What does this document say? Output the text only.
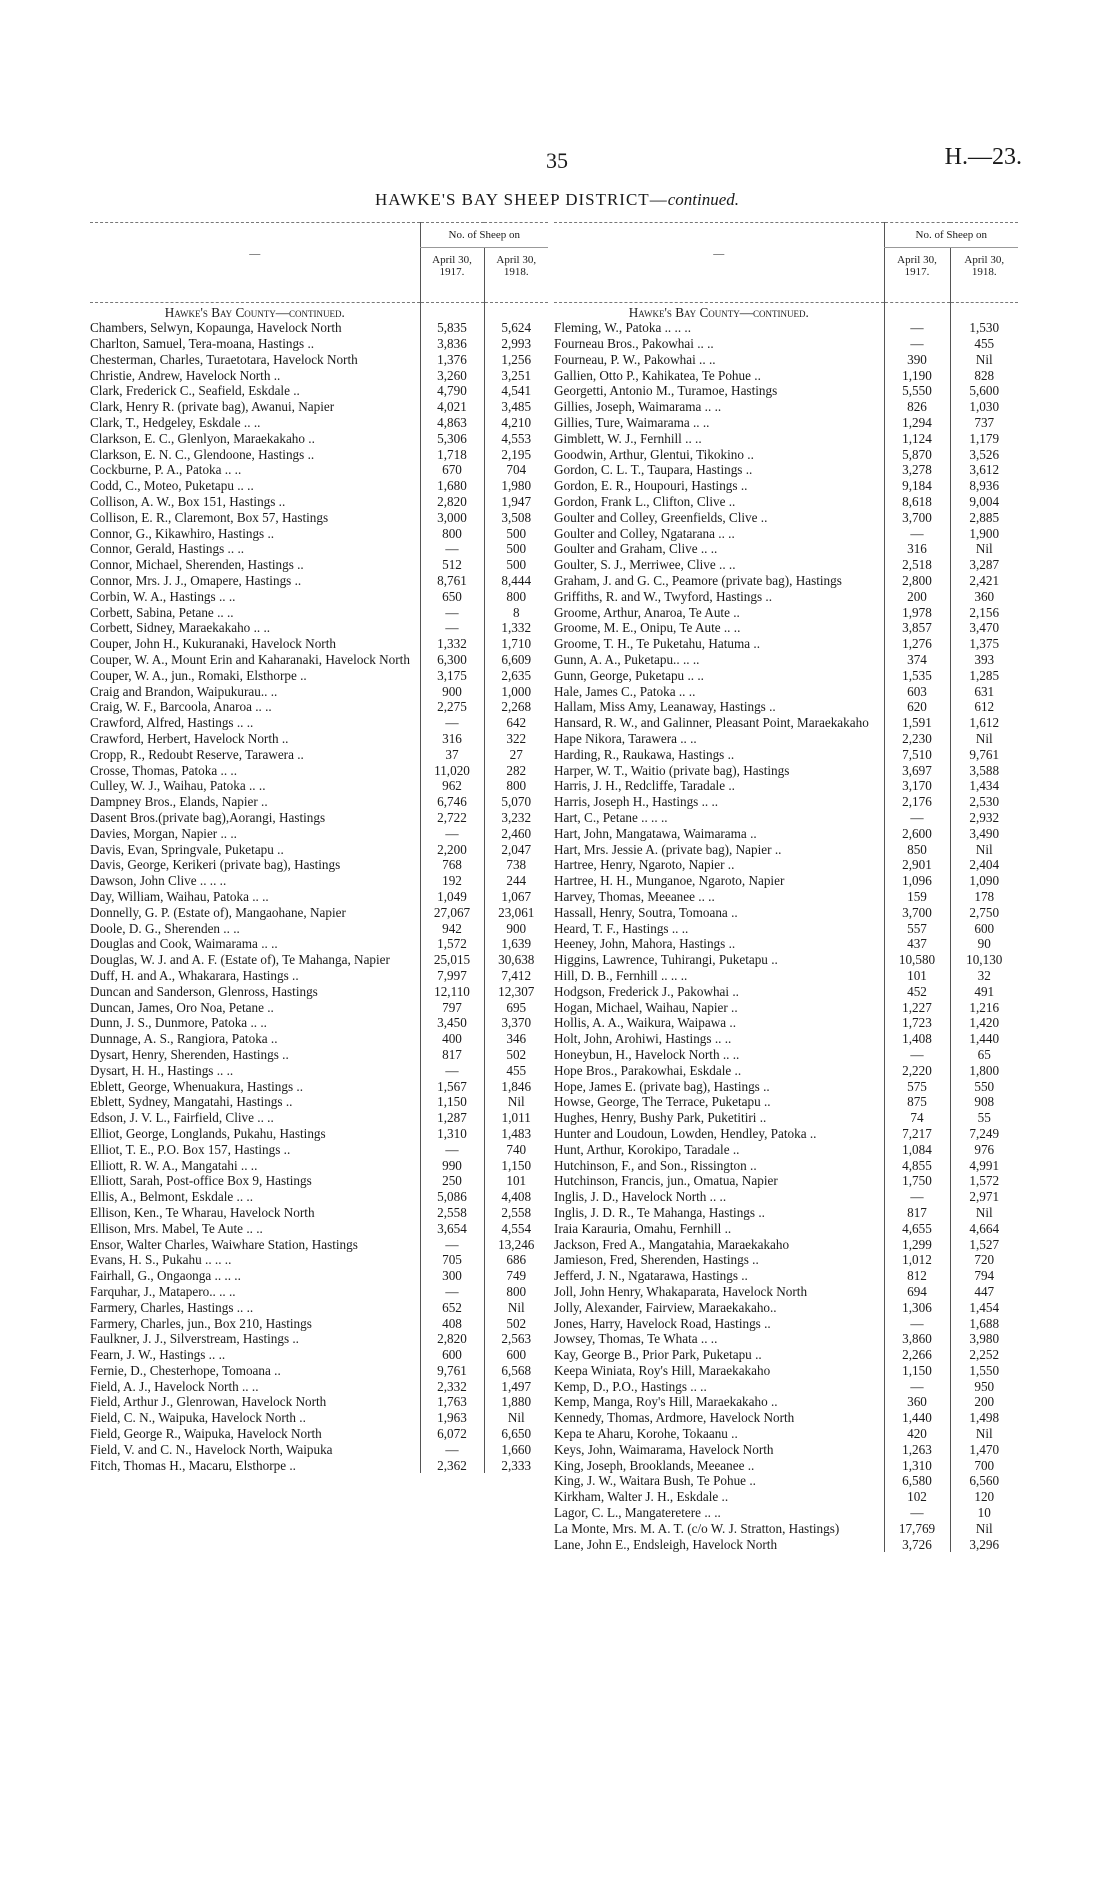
35	H.—23.
HAWKE'S BAY SHEEP DISTRICT—continued.
—	No. of Sheep on	
	April 30,
1917.	April 30,
1918.

Hawke's Bay County—continued.		
Chambers, Selwyn, Kopaunga, Havelock North	5,835	5,624
Charlton, Samuel, Tera-moana, Hastings ..	3,836	2,993
Chesterman, Charles, Turaetotara, Havelock North	1,376	1,256
Christie, Andrew, Havelock North ..	3,260	3,251
Clark, Frederick C., Seafield, Eskdale ..	4,790	4,541
Clark, Henry R. (private bag), Awanui, Napier	4,021	3,485
Clark, T., Hedgeley, Eskdale .. ..	4,863	4,210
Clarkson, E. C., Glenlyon, Maraekakaho ..	5,306	4,553
Clarkson, E. N. C., Glendoone, Hastings ..	1,718	2,195
Cockburne, P. A., Patoka .. ..	670	704
Codd, C., Moteo, Puketapu .. ..	1,680	1,980
Collison, A. W., Box 151, Hastings ..	2,820	1,947
Collison, E. R., Claremont, Box 57, Hastings	3,000	3,508
Connor, G., Kikawhiro, Hastings ..	800	500
Connor, Gerald, Hastings .. ..	—	500
Connor, Michael, Sherenden, Hastings ..	512	500
Connor, Mrs. J. J., Omapere, Hastings ..	8,761	8,444
Corbin, W. A., Hastings .. ..	650	800
Corbett, Sabina, Petane .. ..	—	8
Corbett, Sidney, Maraekakaho .. ..	—	1,332
Couper, John H., Kukuranaki, Havelock North	1,332	1,710
Couper, W. A., Mount Erin and Kaharanaki, Havelock North	6,300	6,609
Couper, W. A., jun., Romaki, Elsthorpe ..	3,175	2,635
Craig and Brandon, Waipukurau.. ..	900	1,000
Craig, W. F., Barcoola, Anaroa .. ..	2,275	2,268
Crawford, Alfred, Hastings .. ..	—	642
Crawford, Herbert, Havelock North ..	316	322
Cropp, R., Redoubt Reserve, Tarawera ..	37	27
Crosse, Thomas, Patoka .. ..	11,020	282
Culley, W. J., Waihau, Patoka .. ..	962	800
Dampney Bros., Elands, Napier ..	6,746	5,070
Dasent Bros.(private bag),Aorangi, Hastings	2,722	3,232
Davies, Morgan, Napier .. ..	—	2,460
Davis, Evan, Springvale, Puketapu ..	2,200	2,047
Davis, George, Kerikeri (private bag), Hastings	768	738
Dawson, John Clive .. .. ..	192	244
Day, William, Waihau, Patoka .. ..	1,049	1,067
Donnelly, G. P. (Estate of), Mangaohane, Napier	27,067	23,061
Doole, D. G., Sherenden .. ..	942	900
Douglas and Cook, Waimarama .. ..	1,572	1,639
Douglas, W. J. and A. F. (Estate of), Te Mahanga, Napier	25,015	30,638
Duff, H. and A., Whakarara, Hastings ..	7,997	7,412
Duncan and Sanderson, Glenross, Hastings	12,110	12,307
Duncan, James, Oro Noa, Petane ..	797	695
Dunn, J. S., Dunmore, Patoka .. ..	3,450	3,370
Dunnage, A. S., Rangiora, Patoka ..	400	346
Dysart, Henry, Sherenden, Hastings ..	817	502
Dysart, H. H., Hastings .. ..	—	455
Eblett, George, Whenuakura, Hastings ..	1,567	1,846
Eblett, Sydney, Mangatahi, Hastings ..	1,150	Nil
Edson, J. V. L., Fairfield, Clive .. ..	1,287	1,011
Elliot, George, Longlands, Pukahu, Hastings	1,310	1,483
Elliot, T. E., P.O. Box 157, Hastings ..	—	740
Elliott, R. W. A., Mangatahi .. ..	990	1,150
Elliott, Sarah, Post-office Box 9, Hastings	250	101
Ellis, A., Belmont, Eskdale .. ..	5,086	4,408
Ellison, Ken., Te Wharau, Havelock North	2,558	2,558
Ellison, Mrs. Mabel, Te Aute .. ..	3,654	4,554
Ensor, Walter Charles, Waiwhare Station, Hastings	—	13,246
Evans, H. S., Pukahu .. .. ..	705	686
Fairhall, G., Ongaonga .. .. ..	300	749
Farquhar, J., Matapero.. .. ..	—	800
Farmery, Charles, Hastings .. ..	652	Nil
Farmery, Charles, jun., Box 210, Hastings	408	502
Faulkner, J. J., Silverstream, Hastings ..	2,820	2,563
Fearn, J. W., Hastings .. ..	600	600
Fernie, D., Chesterhope, Tomoana ..	9,761	6,568
Field, A. J., Havelock North .. ..	2,332	1,497
Field, Arthur J., Glenrowan, Havelock North	1,763	1,880
Field, C. N., Waipuka, Havelock North ..	1,963	Nil
Field, George R., Waipuka, Havelock North	6,072	6,650
Field, V. and C. N., Havelock North, Waipuka	—	1,660
Fitch, Thomas H., Macaru, Elsthorpe ..	2,362	2,333
—	No. of Sheep on	
	April 30,
1917.	April 30,
1918.

Hawke's Bay County—continued.		
Fleming, W., Patoka .. .. ..	—	1,530
Fourneau Bros., Pakowhai .. ..	—	455
Fourneau, P. W., Pakowhai .. ..	390	Nil
Gallien, Otto P., Kahikatea, Te Pohue ..	1,190	828
Georgetti, Antonio M., Turamoe, Hastings	5,550	5,600
Gillies, Joseph, Waimarama .. ..	826	1,030
Gillies, Ture, Waimarama .. ..	1,294	737
Gimblett, W. J., Fernhill .. ..	1,124	1,179
Goodwin, Arthur, Glentui, Tikokino ..	5,870	3,526
Gordon, C. L. T., Taupara, Hastings ..	3,278	3,612
Gordon, E. R., Houpouri, Hastings ..	9,184	8,936
Gordon, Frank L., Clifton, Clive ..	8,618	9,004
Goulter and Colley, Greenfields, Clive ..	3,700	2,885
Goulter and Colley, Ngatarana .. ..	—	1,900
Goulter and Graham, Clive .. ..	316	Nil
Goulter, S. J., Merriwee, Clive .. ..	2,518	3,287
Graham, J. and G. C., Peamore (private bag), Hastings	2,800	2,421
Griffiths, R. and W., Twyford, Hastings ..	200	360
Groome, Arthur, Anaroa, Te Aute ..	1,978	2,156
Groome, M. E., Onipu, Te Aute .. ..	3,857	3,470
Groome, T. H., Te Puketahu, Hatuma ..	1,276	1,375
Gunn, A. A., Puketapu.. .. ..	374	393
Gunn, George, Puketapu .. ..	1,535	1,285
Hale, James C., Patoka .. ..	603	631
Hallam, Miss Amy, Leanaway, Hastings ..	620	612
Hansard, R. W., and Galinner, Pleasant Point, Maraekakaho	1,591	1,612
Hape Nikora, Tarawera .. ..	2,230	Nil
Harding, R., Raukawa, Hastings ..	7,510	9,761
Harper, W. T., Waitio (private bag), Hastings	3,697	3,588
Harris, J. H., Redcliffe, Taradale ..	3,170	1,434
Harris, Joseph H., Hastings .. ..	2,176	2,530
Hart, C., Petane .. .. ..	—	2,932
Hart, John, Mangatawa, Waimarama ..	2,600	3,490
Hart, Mrs. Jessie A. (private bag), Napier ..	850	Nil
Hartree, Henry, Ngaroto, Napier ..	2,901	2,404
Hartree, H. H., Munganoe, Ngaroto, Napier	1,096	1,090
Harvey, Thomas, Meeanee .. ..	159	178
Hassall, Henry, Soutra, Tomoana ..	3,700	2,750
Heard, T. F., Hastings .. ..	557	600
Heeney, John, Mahora, Hastings ..	437	90
Higgins, Lawrence, Tuhirangi, Puketapu ..	10,580	10,130
Hill, D. B., Fernhill .. .. ..	101	32
Hodgson, Frederick J., Pakowhai ..	452	491
Hogan, Michael, Waihau, Napier ..	1,227	1,216
Hollis, A. A., Waikura, Waipawa ..	1,723	1,420
Holt, John, Arohiwi, Hastings .. ..	1,408	1,440
Honeybun, H., Havelock North .. ..	—	65
Hope Bros., Parakowhai, Eskdale ..	2,220	1,800
Hope, James E. (private bag), Hastings ..	575	550
Howse, George, The Terrace, Puketapu ..	875	908
Hughes, Henry, Bushy Park, Puketitiri ..	74	55
Hunter and Loudoun, Lowden, Hendley, Patoka ..	7,217	7,249
Hunt, Arthur, Korokipo, Taradale ..	1,084	976
Hutchinson, F., and Son., Rissington ..	4,855	4,991
Hutchinson, Francis, jun., Omatua, Napier	1,750	1,572
Inglis, J. D., Havelock North .. ..	—	2,971
Inglis, J. D. R., Te Mahanga, Hastings ..	817	Nil
Iraia Karauria, Omahu, Fernhill ..	4,655	4,664
Jackson, Fred A., Mangatahia, Maraekakaho	1,299	1,527
Jamieson, Fred, Sherenden, Hastings ..	1,012	720
Jefferd, J. N., Ngatarawa, Hastings ..	812	794
Joll, John Henry, Whakaparata, Havelock North	694	447
Jolly, Alexander, Fairview, Maraekakaho..	1,306	1,454
Jones, Harry, Havelock Road, Hastings ..	—	1,688
Jowsey, Thomas, Te Whata .. ..	3,860	3,980
Kay, George B., Prior Park, Puketapu ..	2,266	2,252
Keepa Winiata, Roy's Hill, Maraekakaho	1,150	1,550
Kemp, D., P.O., Hastings .. ..	—	950
Kemp, Manga, Roy's Hill, Maraekakaho ..	360	200
Kennedy, Thomas, Ardmore, Havelock North	1,440	1,498
Kepa te Aharu, Korohe, Tokaanu ..	420	Nil
Keys, John, Waimarama, Havelock North	1,263	1,470
King, Joseph, Brooklands, Meeanee ..	1,310	700
King, J. W., Waitara Bush, Te Pohue ..	6,580	6,560
Kirkham, Walter J. H., Eskdale ..	102	120
Lagor, C. L., Mangateretere .. ..	—	10
La Monte, Mrs. M. A. T. (c/o W. J. Stratton, Hastings)	17,769	Nil
Lane, John E., Endsleigh, Havelock North	3,726	3,296
